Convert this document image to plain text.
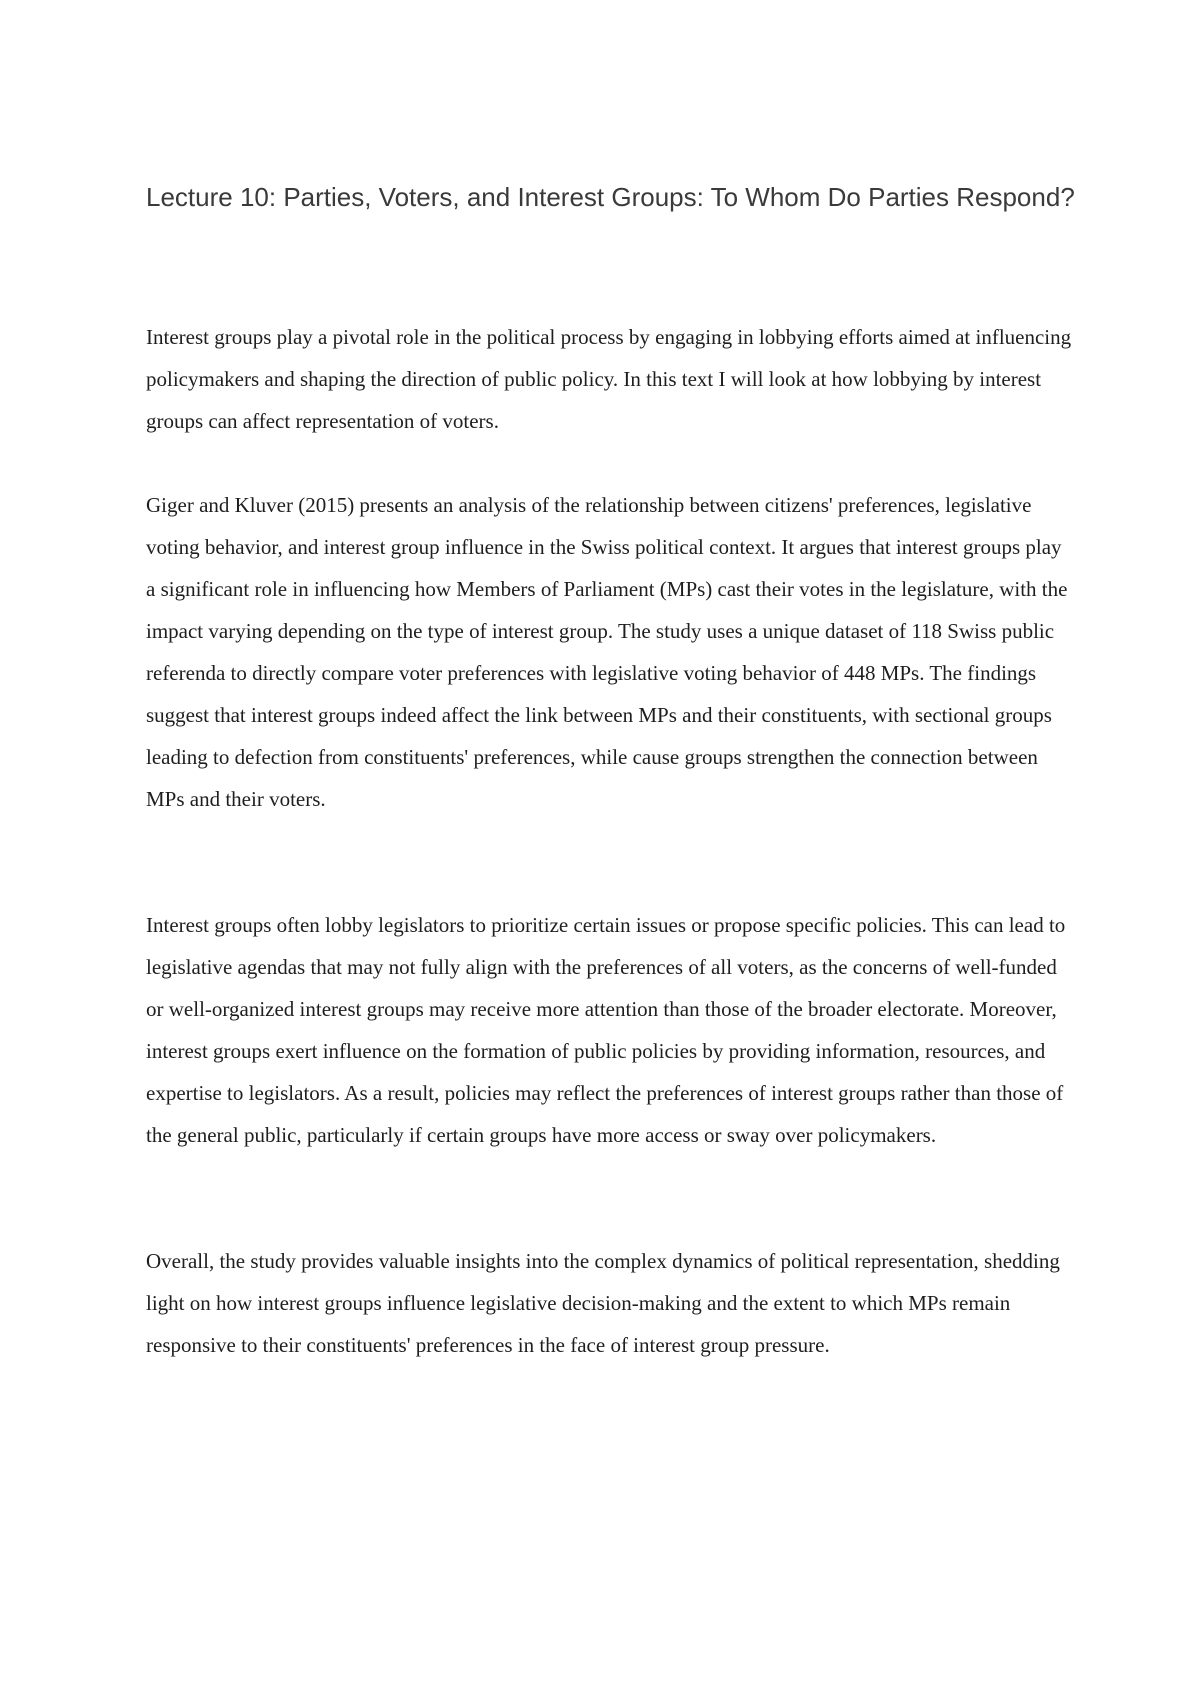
Lecture 10: Parties, Voters, and Interest Groups: To Whom Do Parties Respond?

Interest groups play a pivotal role in the political process by engaging in lobbying efforts aimed at influencing policymakers and shaping the direction of public policy. In this text I will look at how lobbying by interest groups can affect representation of voters.

Giger and Kluver (2015) presents an analysis of the relationship between citizens' preferences, legislative voting behavior, and interest group influence in the Swiss political context. It argues that interest groups play a significant role in influencing how Members of Parliament (MPs) cast their votes in the legislature, with the impact varying depending on the type of interest group. The study uses a unique dataset of 118 Swiss public referenda to directly compare voter preferences with legislative voting behavior of 448 MPs. The findings suggest that interest groups indeed affect the link between MPs and their constituents, with sectional groups leading to defection from constituents' preferences, while cause groups strengthen the connection between MPs and their voters.

Interest groups often lobby legislators to prioritize certain issues or propose specific policies. This can lead to legislative agendas that may not fully align with the preferences of all voters, as the concerns of well-funded or well-organized interest groups may receive more attention than those of the broader electorate. Moreover, interest groups exert influence on the formation of public policies by providing information, resources, and expertise to legislators. As a result, policies may reflect the preferences of interest groups rather than those of the general public, particularly if certain groups have more access or sway over policymakers.

Overall, the study provides valuable insights into the complex dynamics of political representation, shedding light on how interest groups influence legislative decision-making and the extent to which MPs remain responsive to their constituents' preferences in the face of interest group pressure.
